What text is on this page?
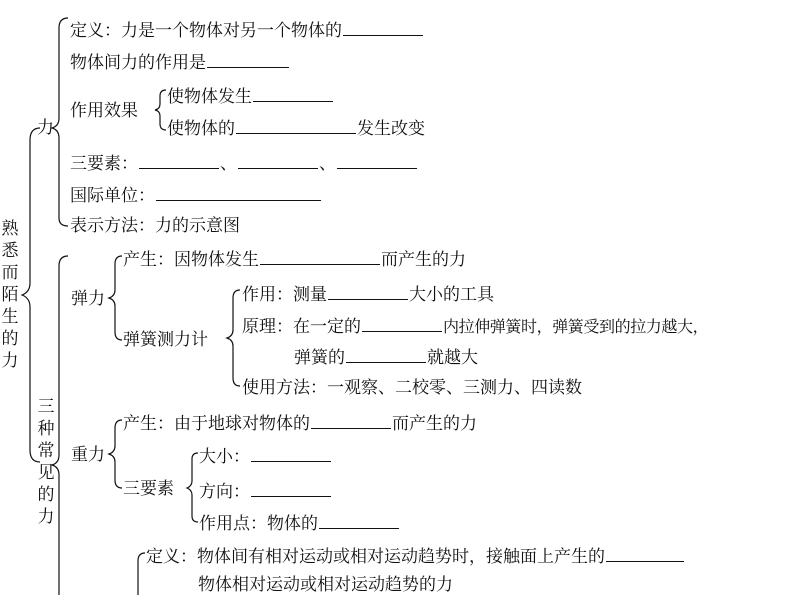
熟悉而陌生的力
力
定义：力是一个物体对另一个物体的
物体间力的作用是
作用效果
使物体发生
使物体的	发生改变
三要素：	、	、
国际单位：
表示方法：力的示意图
三种常见的力
弹力
产生：因物体发生	而产生的力
弹簧测力计
作用：测量	大小的工具
原理：在一定的	内拉伸弹簧时，弹簧受到的拉力越大，
弹簧的	就越大
使用方法：一观察、二校零、三测力、四读数
重力
产生：由于地球对物体的	而产生的力
三要素
大小：
方向：
作用点：物体的
定义：物体间有相对运动或相对运动趋势时，接触面上产生的
物体相对运动或相对运动趋势的力
